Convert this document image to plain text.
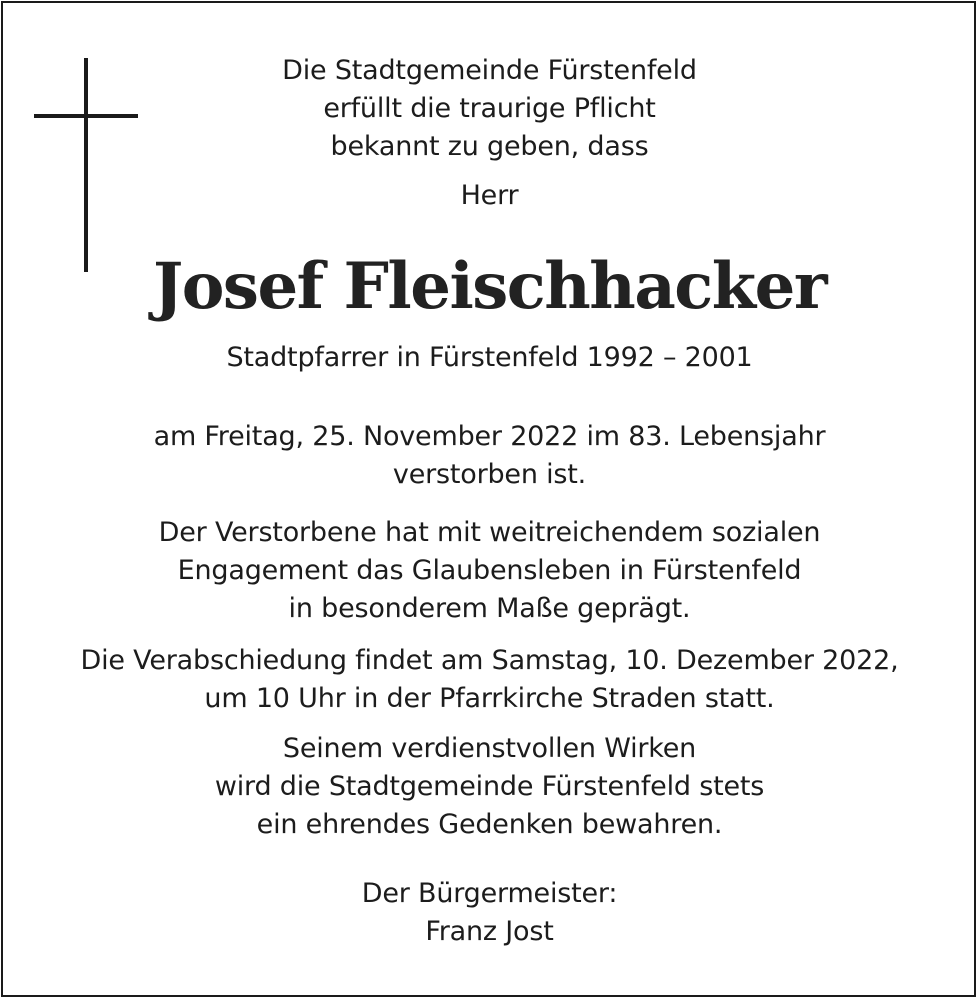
Die Stadtgemeinde Fürstenfeld
erfüllt die traurige Pflicht
bekannt zu geben, dass
Herr
Josef Fleischhacker
Stadtpfarrer in Fürstenfeld 1992 – 2001
am Freitag, 25. November 2022 im 83. Lebensjahr
verstorben ist.
Der Verstorbene hat mit weitreichendem sozialen
Engagement das Glaubensleben in Fürstenfeld
in besonderem Maße geprägt.
Die Verabschiedung findet am Samstag, 10. Dezember 2022,
um 10 Uhr in der Pfarrkirche Straden statt.
Seinem verdienstvollen Wirken
wird die Stadtgemeinde Fürstenfeld stets
ein ehrendes Gedenken bewahren.
Der Bürgermeister:
Franz Jost
